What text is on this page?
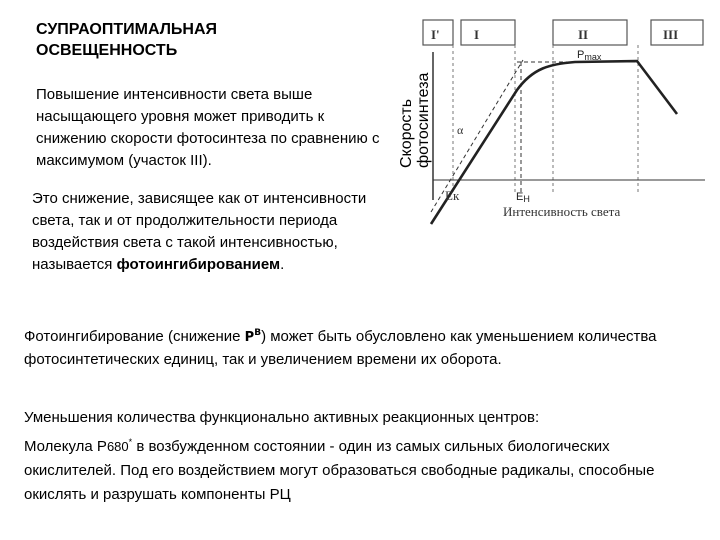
СУПРАОПТИМАЛЬНАЯ ОСВЕЩЕННОСТЬ
Повышение интенсивности света выше насыщающего уровня может приводить к снижению скорости фотосинтеза по сравнению с максимумом (участок III).
Это снижение, зависящее как от интенсивности света, так и от продолжительности периода воздействия света с такой интенсивностью, называется фотоингибированием.
Фотоингибирование (снижение $P^B$) может быть обусловлено как уменьшением количества фотосинтетических единиц, так и увеличением времени их оборота.
Уменьшения количества функционально активных реакционных центров:
Молекула Р680* в возбужденном состоянии - один из самых сильных биологических окислителей. Под его воздействием могут образоваться свободные радикалы, способные окислять и разрушать компоненты РЦ
I'	I	II	III
Pmax
α
Eк	EH
Интенсивность света
Скорость фотосинтеза
